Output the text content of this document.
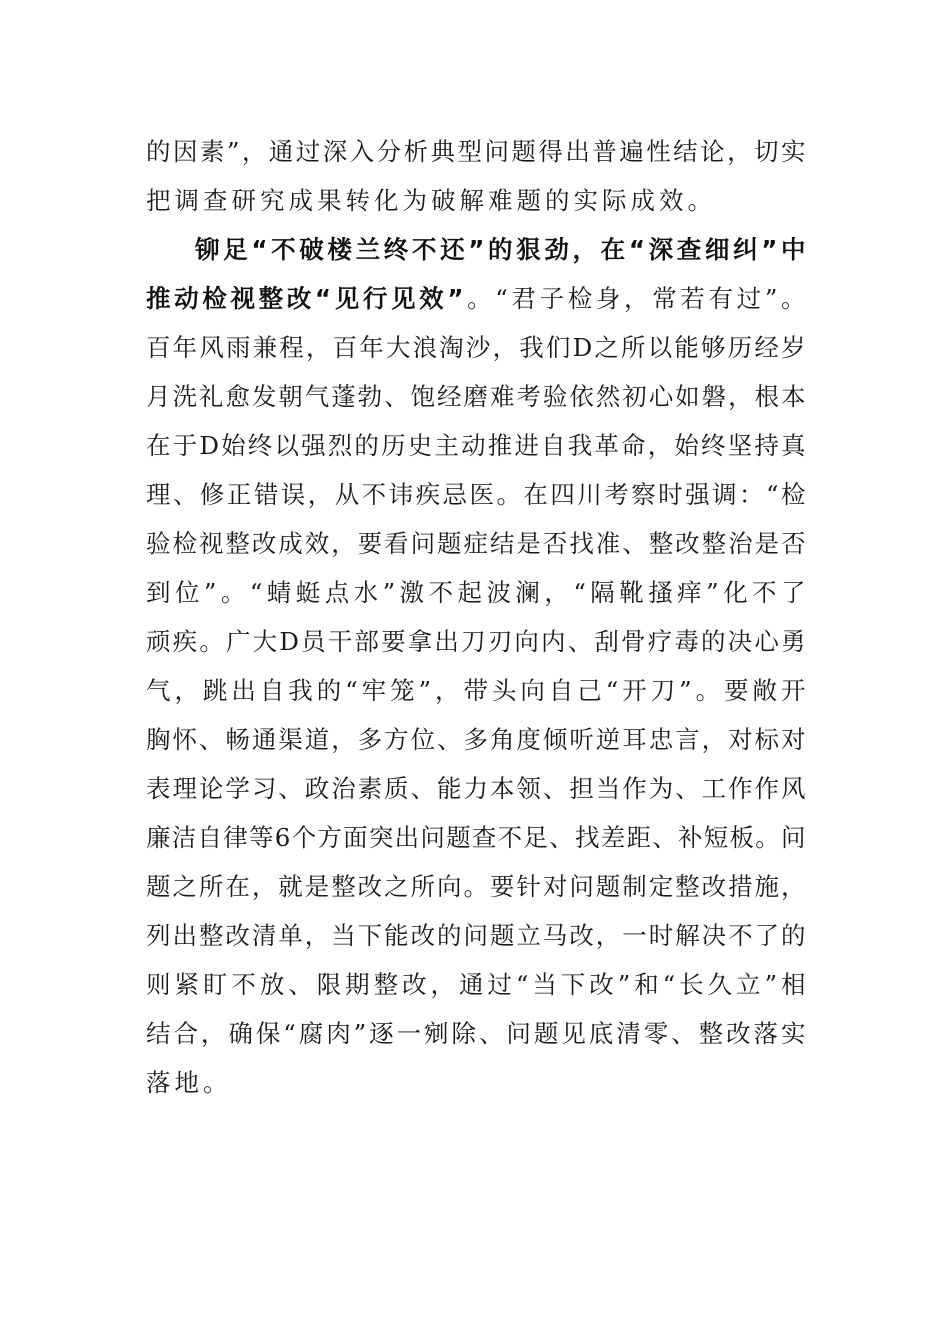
的因素”，通过深入分析典型问题得出普遍性结论，切实
把调查研究成果转化为破解难题的实际成效。
铆足“不破楼兰终不还”的狠劲，在“深查细纠”中
推动检视整改“见行见效”。“君子检身，常若有过”。
百年风雨兼程，百年大浪淘沙，我们D之所以能够历经岁
月洗礼愈发朝气蓬勃、饱经磨难考验依然初心如磐，根本
在于D始终以强烈的历史主动推进自我革命，始终坚持真
理、修正错误，从不讳疾忌医。在四川考察时强调：“检
验检视整改成效，要看问题症结是否找准、整改整治是否
到位”。“蜻蜓点水”激不起波澜，“隔靴搔痒”化不了
顽疾。广大D员干部要拿出刀刃向内、刮骨疗毒的决心勇
气，跳出自我的“牢笼”，带头向自己“开刀”。要敞开
胸怀、畅通渠道，多方位、多角度倾听逆耳忠言，对标对
表理论学习、政治素质、能力本领、担当作为、工作作风
廉洁自律等6个方面突出问题查不足、找差距、补短板。问
题之所在，就是整改之所向。要针对问题制定整改措施，
列出整改清单，当下能改的问题立马改，一时解决不了的
则紧盯不放、限期整改，通过“当下改”和“长久立”相
结合，确保“腐肉”逐一剜除、问题见底清零、整改落实
落地。
